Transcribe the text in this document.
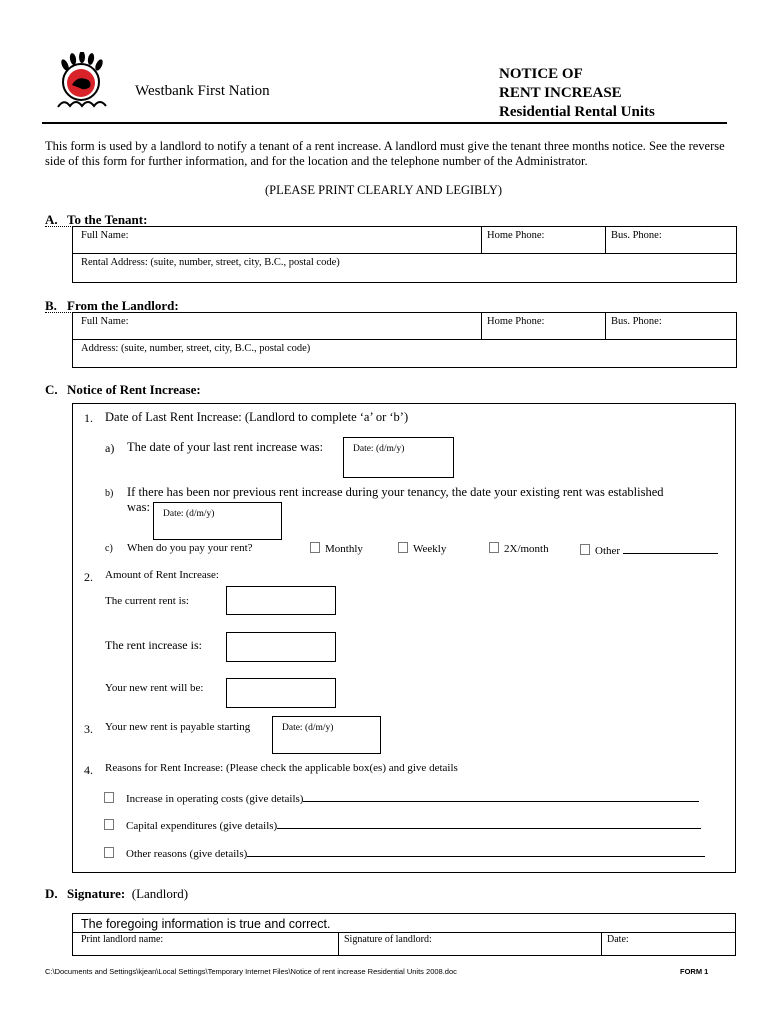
Westbank First Nation
NOTICE OF
RENT INCREASE
Residential Rental Units
This form is used by a landlord to notify a tenant of a rent increase. A landlord must give the tenant three months notice. See the reverse side of this form for further information, and for the location and the telephone number of the Administrator.
(PLEASE PRINT CLEARLY AND LEGIBLY)
A. To the Tenant:
Full Name:	Home Phone:	Bus. Phone:
Rental Address: (suite, number, street, city, B.C., postal code)
B. From the Landlord:
Full Name:	Home Phone:	Bus. Phone:
Address: (suite, number, street, city, B.C., postal code)
C. Notice of Rent Increase:
1. Date of Last Rent Increase: (Landlord to complete ‘a’ or ‘b’)
a) The date of your last rent increase was:	Date: (d/m/y)
b) If there has been nor previous rent increase during your tenancy, the date your existing rent was established
was: Date: (d/m/y)
c) When do you pay your rent?	Monthly	Weekly	2X/month	Other
2. Amount of Rent Increase:
The current rent is:
The rent increase is:
Your new rent will be:
3. Your new rent is payable starting	Date: (d/m/y)
4. Reasons for Rent Increase: (Please check the applicable box(es) and give details
Increase in operating costs (give details)
Capital expenditures (give details)
Other reasons (give details)
D. Signature: (Landlord)
The foregoing information is true and correct.
Print landlord name:	Signature of landlord:	Date:
C:\Documents and Settings\kjean\Local Settings\Temporary Internet Files\Notice of rent increase Residential Units 2008.doc	FORM 1
